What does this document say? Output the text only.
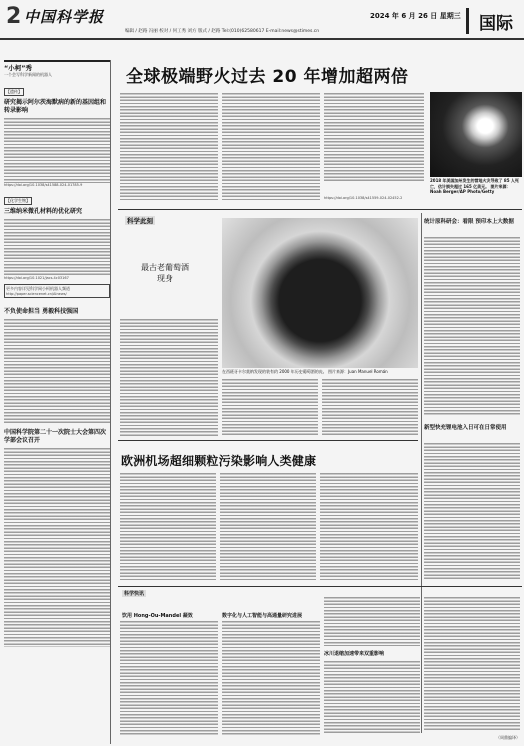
2 中国科学报	2024 年 6 月 26 日 星期三
编辑 / 赵路 冯丽 校对 / 何工秀 刘方 版式 / 赵路 Tel:(010)62580617 E-mail:news@stimes.cn	国际
“小柯”秀
一个会写科学新闻的机器人
【遗传】
研究揭示阿尔茨海默病的新的基因组和转录影响
https://doi.org/10.1038/s41588-024-01785-9
【化学生物】
三维纳米微孔材料的优化研究
https://doi.org/10.1021/jacs.4c03167
更多内容详见科学网小柯机器人频道
http://paper.sciencenet.cn/AInews/
不负使命担当 勇毅科技强国
中国科学院第二十一次院士大会第四次学部会议召开
全球极端野火过去 20 年增加超两倍
https://doi.org/10.1038/s41559-024-02452-2
2018 年美国加州发生的营地火灾导致了 85 人死亡，估计损失超过 165 亿美元。 图片来源：Noah Berger/AP Photo/Getty
科学此刻
最古老葡萄酒
现身
在西班牙卡尔莫纳发现的装有约 2000 年历史葡萄酒的瓮。 图片来源：Juan Manuel Román
统计原科研会：看限 预印本上大数据
新型快充锂电池入日可在日常使用
欧洲机场超细颗粒污染影响人类健康
科学快讯
饮用 Hong-Ou-Mandel 凝效	数字化与人工智能与高通量研究进展
冰川退缩加速带来双重影响
（周鼎编译）
